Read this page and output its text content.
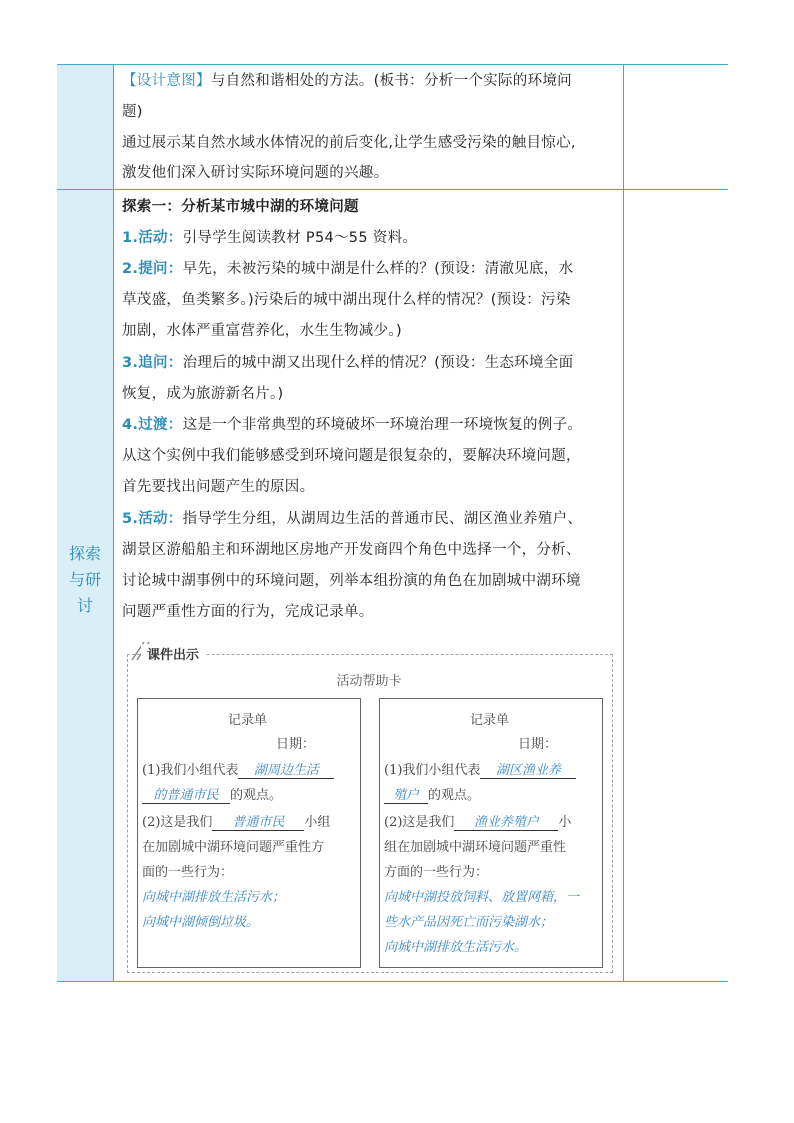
【设计意图】与自然和谐相处的方法。(板书：分析一个实际的环境问
题)
通过展示某自然水域水体情况的前后变化,让学生感受污染的触目惊心,
激发他们深入研讨实际环境问题的兴趣。
探索
与研
讨
探索一：分析某市城中湖的环境问题
1.活动：引导学生阅读教材 P54～55 资料。
2.提问：早先，未被污染的城中湖是什么样的？(预设：清澈见底，水
草茂盛，鱼类繁多。)污染后的城中湖出现什么样的情况？(预设：污染
加剧，水体严重富营养化，水生生物减少。)
3.追问：治理后的城中湖又出现什么样的情况？(预设：生态环境全面
恢复，成为旅游新名片。)
4.过渡：这是一个非常典型的环境破坏一环境治理一环境恢复的例子。
从这个实例中我们能够感受到环境问题是很复杂的，要解决环境问题，
首先要找出问题产生的原因。
5.活动：指导学生分组，从湖周边生活的普通市民、湖区渔业养殖户、
湖景区游船船主和环湖地区房地产开发商四个角色中选择一个，分析、
讨论城中湖事例中的环境问题，列举本组扮演的角色在加剧城中湖环境
问题严重性方面的行为，完成记录单。
课件出示
活动帮助卡
记录单
日期：
(1)我们小组代表 湖周边生活
的普通市民 的观点。
(2)这是我们 普通市民 小组
在加剧城中湖环境问题严重性方
面的一些行为：
向城中湖排放生活污水；
向城中湖倾倒垃圾。
记录单
日期：
(1)我们小组代表 湖区渔业养
殖户 的观点。
(2)这是我们 渔业养殖户 小
组在加剧城中湖环境问题严重性
方面的一些行为：
向城中湖投放饲料、放置网箱，一
些水产品因死亡而污染湖水；
向城中湖排放生活污水。
